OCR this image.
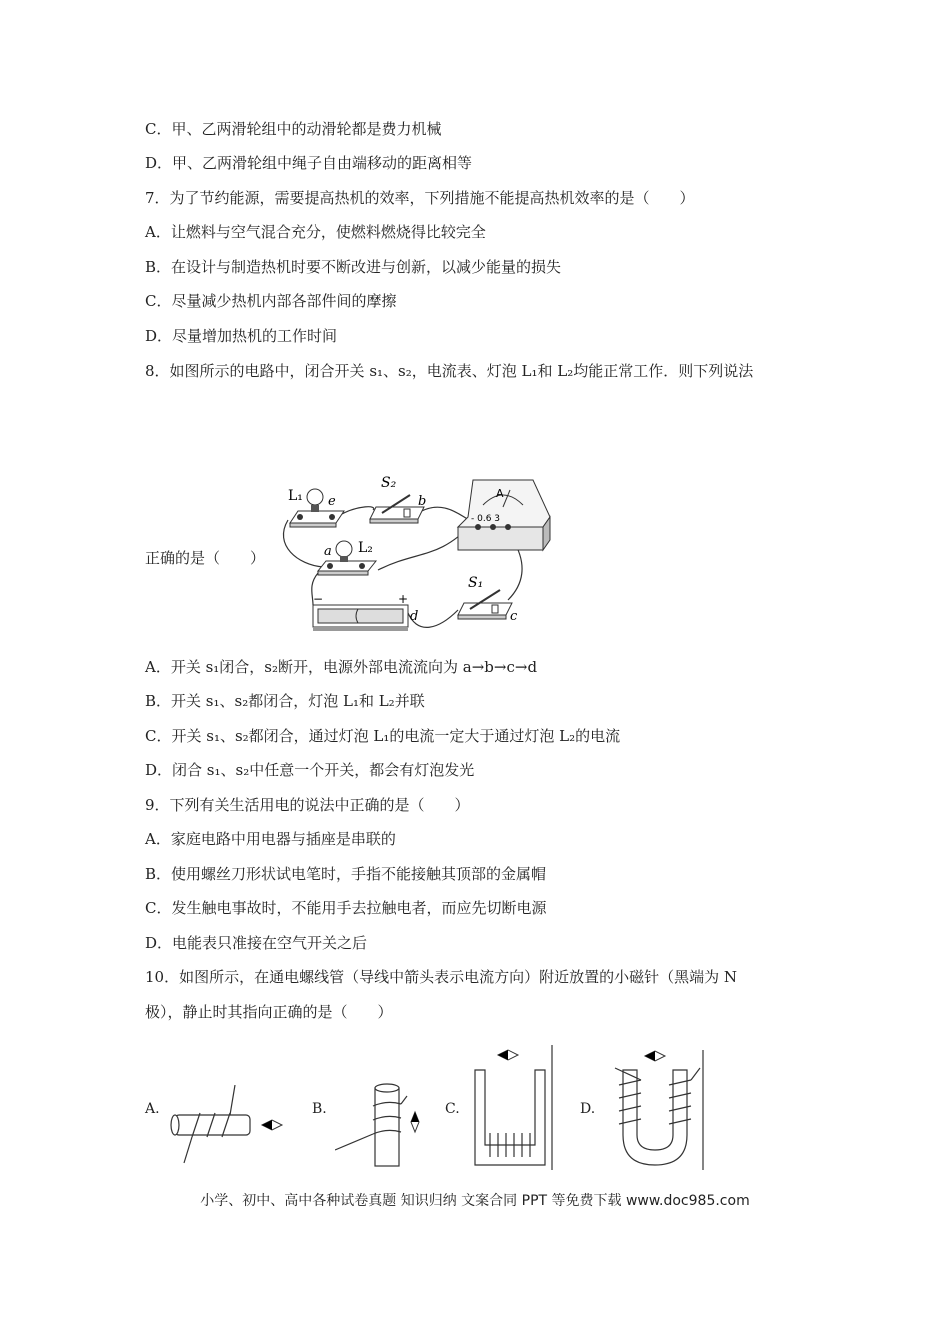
C．甲、乙两滑轮组中的动滑轮都是费力机械
D．甲、乙两滑轮组中绳子自由端移动的距离相等
7．为了节约能源，需要提高热机的效率，下列措施不能提高热机效率的是（　　）
A．让燃料与空气混合充分，使燃料燃烧得比较完全
B．在设计与制造热机时要不断改进与创新，以减少能量的损失
C．尽量减少热机内部各部件间的摩擦
D．尽量增加热机的工作时间
8．如图所示的电路中，闭合开关 s₁、s₂，电流表、灯泡 L₁和 L₂均能正常工作．则下列说法
正确的是（　　）
A．开关 s₁闭合，s₂断开，电源外部电流流向为 a→b→c→d
B．开关 s₁、s₂都闭合，灯泡 L₁和 L₂并联
C．开关 s₁、s₂都闭合，通过灯泡 L₁的电流一定大于通过灯泡 L₂的电流
D．闭合 s₁、s₂中任意一个开关，都会有灯泡发光
9．下列有关生活用电的说法中正确的是（　　）
A．家庭电路中用电器与插座是串联的
B．使用螺丝刀形状试电笔时，手指不能接触其顶部的金属帽
C．发生触电事故时，不能用手去拉触电者，而应先切断电源
D．电能表只准接在空气开关之后
10．如图所示，在通电螺线管（导线中箭头表示电流方向）附近放置的小磁针（黑端为 N
极），静止时其指向正确的是（　　）
L₁ e
S₂
b
A
- 0.6 3
a L₂
−	+
d
S₁
c
A.	B.	C.	D.
小学、初中、高中各种试卷真题 知识归纳 文案合同 PPT 等免费下载 www.doc985.com
